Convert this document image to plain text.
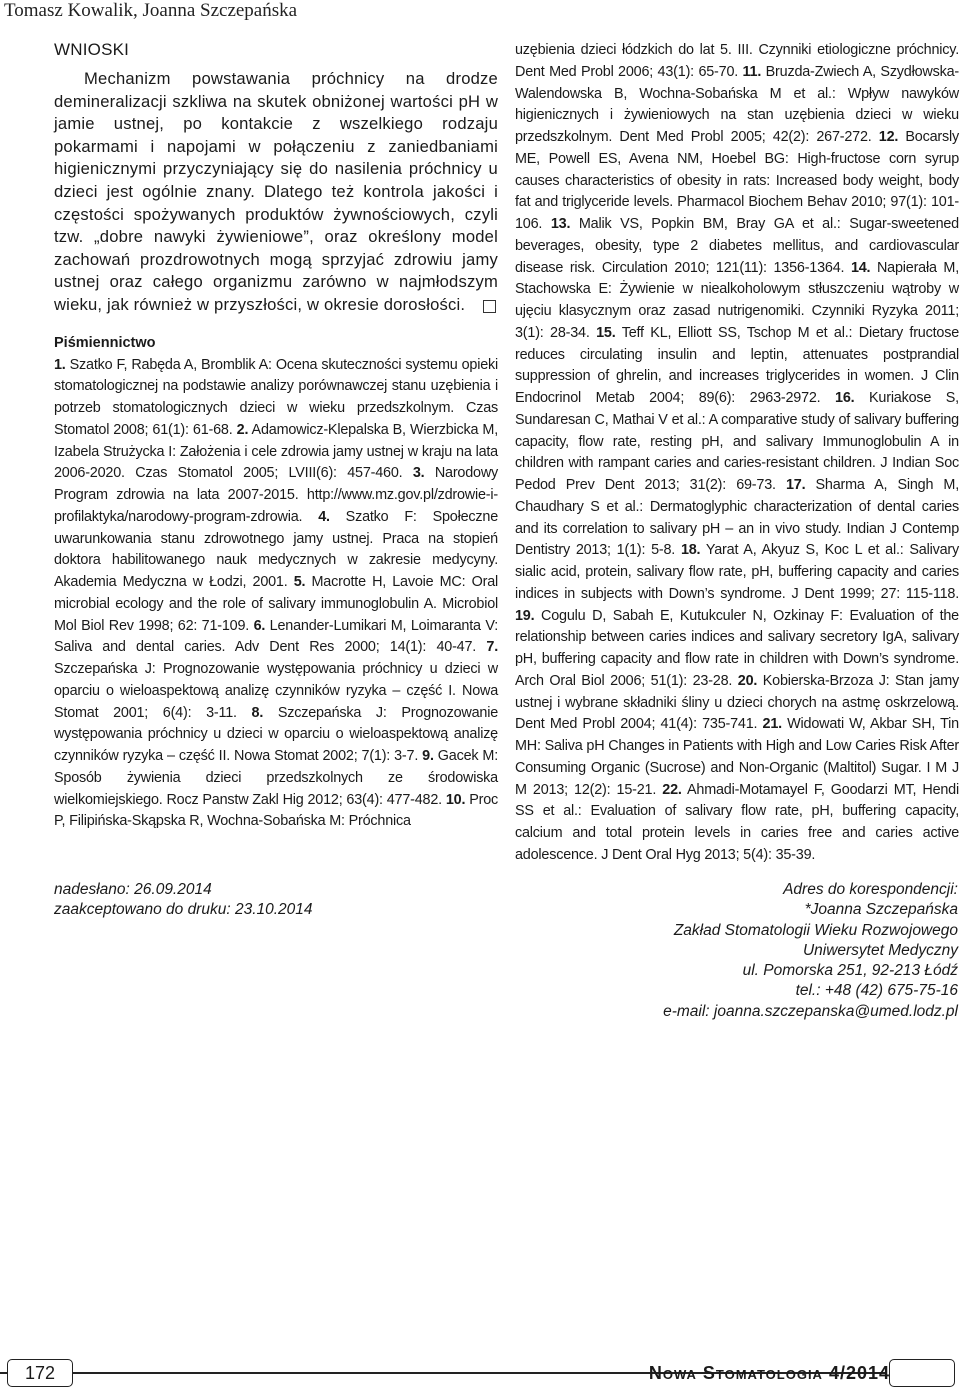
Tomasz Kowalik, Joanna Szczepańska
WNIOSKI

Mechanizm powstawania próchnicy na drodze demineralizacji szkliwa na skutek obniżonej wartości pH w jamie ustnej, po kontakcie z wszelkiego rodzaju pokarmami i napojami w połączeniu z zaniedbaniami higienicznymi przyczyniający się do nasilenia próchnicy u dzieci jest ogólnie znany. Dlatego też kontrola jakości i częstości spożywanych produktów żywnościowych, czyli tzw. „dobre nawyki żywieniowe”, oraz określony model zachowań prozdrowotnych mogą sprzyjać zdrowiu jamy ustnej oraz całego organizmu zarówno w najmłodszym wieku, jak również w przyszłości, w okresie dorosłości.

Piśmiennictwo

1. Szatko F, Rabęda A, Bromblik A: Ocena skuteczności systemu opieki stomatologicznej na podstawie analizy porównawczej stanu uzębienia i potrzeb stomatologicznych dzieci w wieku przedszkolnym. Czas Stomatol 2008; 61(1): 61-68. 2. Adamowicz-Klepalska B, Wierzbicka M, Izabela Strużycka I: Założenia i cele zdrowia jamy ustnej w kraju na lata 2006-2020. Czas Stomatol 2005; LVIII(6): 457-460. 3. Narodowy Program zdrowia na lata 2007-2015. http://www.mz.gov.pl/zdrowie-i-profilaktyka/narodowy-program-zdrowia. 4. Szatko F: Społeczne uwarunkowania stanu zdrowotnego jamy ustnej. Praca na stopień doktora habilitowanego nauk medycznych w zakresie medycyny. Akademia Medyczna w Łodzi, 2001. 5. Macrotte H, Lavoie MC: Oral microbial ecology and the role of salivary immunoglobulin A. Microbiol Mol Biol Rev 1998; 62: 71-109. 6. Lenander-Lumikari M, Loimaranta V: Saliva and dental caries. Adv Dent Res 2000; 14(1): 40-47. 7. Szczepańska J: Prognozowanie występowania próchnicy u dzieci w oparciu o wieloaspektową analizę czynników ryzyka – część I. Nowa Stomat 2001; 6(4): 3-11. 8. Szczepańska J: Prognozowanie występowania próchnicy u dzieci w oparciu o wieloaspektową analizę czynników ryzyka – część II. Nowa Stomat 2002; 7(1): 3-7. 9. Gacek M: Sposób żywienia dzieci przedszkolnych ze środowiska wielkomiejskiego. Rocz Panstw Zakl Hig 2012; 63(4): 477-482. 10. Proc P, Filipińska-Skąpska R, Wochna-Sobańska M: Próchnica

uzębienia dzieci łódzkich do lat 5. III. Czynniki etiologiczne próchnicy. Dent Med Probl 2006; 43(1): 65-70. 11. Bruzda-Zwiech A, Szydłowska-Walendowska B, Wochna-Sobańska M et al.: Wpływ nawyków higienicznych i żywieniowych na stan uzębienia dzieci w wieku przedszkolnym. Dent Med Probl 2005; 42(2): 267-272. 12. Bocarsly ME, Powell ES, Avena NM, Hoebel BG: High-fructose corn syrup causes characteristics of obesity in rats: Increased body weight, body fat and triglyceride levels. Pharmacol Biochem Behav 2010; 97(1): 101-106. 13. Malik VS, Popkin BM, Bray GA et al.: Sugar-sweetened beverages, obesity, type 2 diabetes mellitus, and cardiovascular disease risk. Circulation 2010; 121(11): 1356-1364. 14. Napierała M, Stachowska E: Żywienie w niealkoholowym stłuszczeniu wątroby w ujęciu klasycznym oraz zasad nutrigenomiki. Czynniki Ryzyka 2011; 3(1): 28-34. 15. Teff KL, Elliott SS, Tschop M et al.: Dietary fructose reduces circulating insulin and leptin, attenuates postprandial suppression of ghrelin, and increases triglycerides in women. J Clin Endocrinol Metab 2004; 89(6): 2963-2972. 16. Kuriakose S, Sundaresan C, Mathai V et al.: A comparative study of salivary buffering capacity, flow rate, resting pH, and salivary Immunoglobulin A in children with rampant caries and caries-resistant children. J Indian Soc Pedod Prev Dent 2013; 31(2): 69-73. 17. Sharma A, Singh M, Chaudhary S et al.: Dermatoglyphic characterization of dental caries and its correlation to salivary pH – an in vivo study. Indian J Contemp Dentistry 2013; 1(1): 5-8. 18. Yarat A, Akyuz S, Koc L et al.: Salivary sialic acid, protein, salivary flow rate, pH, buffering capacity and caries indices in subjects with Down’s syndrome. J Dent 1999; 27: 115-118. 19. Cogulu D, Sabah E, Kutukculer N, Ozkinay F: Evaluation of the relationship between caries indices and salivary secretory IgA, salivary pH, buffering capacity and flow rate in children with Down’s syndrome. Arch Oral Biol 2006; 51(1): 23-28. 20. Kobierska-Brzoza J: Stan jamy ustnej i wybrane składniki śliny u dzieci chorych na astmę oskrzelową. Dent Med Probl 2004; 41(4): 735-741. 21. Widowati W, Akbar SH, Tin MH: Saliva pH Changes in Patients with High and Low Caries Risk After Consuming Organic (Sucrose) and Non-Organic (Maltitol) Sugar. I M J M 2013; 12(2): 15-21. 22. Ahmadi-Motamayel F, Goodarzi MT, Hendi SS et al.: Evaluation of salivary flow rate, pH, buffering capacity, calcium and total protein levels in caries free and caries active adolescence. J Dent Oral Hyg 2013; 5(4): 35-39.

nadesłano: 26.09.2014
zaakceptowano do druku: 23.10.2014
Adres do korespondencji:
*Joanna Szczepańska
Zakład Stomatologii Wieku Rozwojowego
Uniwersytet Medyczny
ul. Pomorska 251, 92-213 Łódź
tel.: +48 (42) 675-75-16
e-mail: joanna.szczepanska@umed.lodz.pl
172	Nowa Stomatologia 4/2014
